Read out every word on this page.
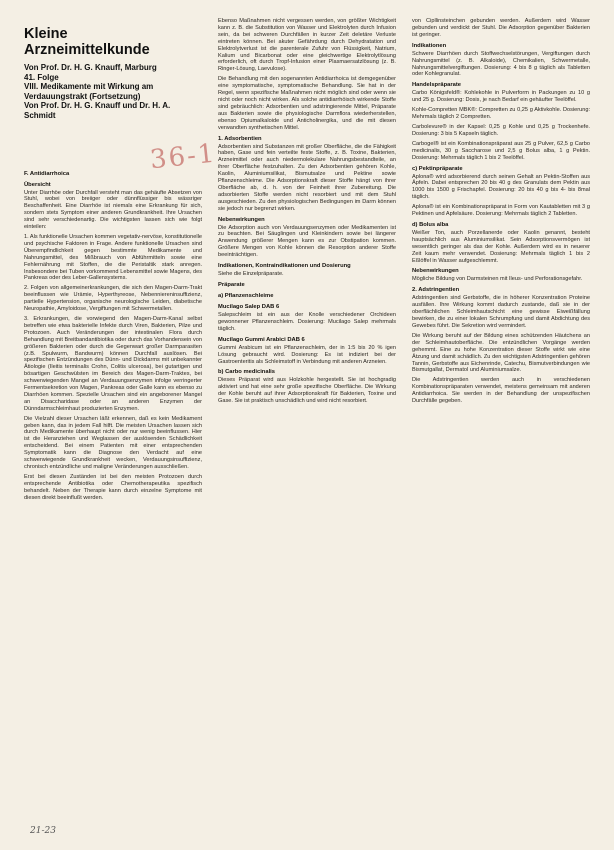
Kleine
Arzneimittelkunde
Von Prof. Dr. H. G. Knauff, Marburg
41. Folge
VIII. Medikamente mit Wirkung am Verdauungstrakt (Fortsetzung)
Von Prof. Dr. H. G. Knauff und Dr. H. A. Schmidt
F. Antidiarrhoica
Übersicht

Unter Diarrhöe oder Durchfall versteht man das gehäufte Absetzen von Stuhl, wobei von breiiger oder dünnflüssiger bis wässriger Beschaffenheit. Eine Diarrhöe ist niemals eine Erkrankung für sich, sondern stets Symptom einer anderen Grundkrankheit. Ihre Ursachen sind sehr verschiedenartig. Die wichtigsten lassen sich wie folgt einteilen:

1. Als funktionelle Ursachen kommen vegetativ-nervöse, konstitutionelle und psychische Faktoren in Frage. Andere funktionelle Ursachen sind Überempfindlichkeit gegen bestimmte Medikamente und Nahrungsmittel, des Mißbrauch von Abführmitteln sowie eine Fehlernährung mit Stoffen, die die Peristaltik stark anregen. Insbesondere bei Tuben vorkommend Lebensmittel sowie Magens, des Pankreas oder des Leber-Gallensystems.

2. Folgen von allgemeinerkrankungen, die sich den Magen-Darm-Trakt beeinflussen wie Urämie, Hyperthyreose, Nebenniereninsuffizienz, partielle Hypertension, organische neurologische Leiden, diabetische Neuropathie, Amyloidose, Vergiftungen mit Schwermetallen.

3. Erkrankungen, die vorwiegend den Magen-Darm-Kanal selbst betreffen wie etwa bakterielle Infekte durch Viren, Bakterien, Pilze und Protozoen. Auch Veränderungen der intestinalen Flora durch Behandlung mit Breitbandantibiotika oder durch das Vorhandensein von größeren Bakterien oder durch die Gegenwart großer Darmparasiten (z.B. Spulwurm, Bandwurm) können Durchfall auslösen. Bei spezifischen Entzündungen des Dünn- und Dickdarms mit unbekannter Ätiologie (Ileitis terminalis Crohn, Colitis ulcerosa), bei gutartigen und bösartigen Geschwülsten im Bereich des Magen-Darm-Traktes, bei schwerwiegenden Mangel an Verdauungsenzymen infolge verringerter Fermentsekretion von Magen, Pankreas oder Galle kann es ebenso zu Diarrhöen kommen. Spezielle Ursachen sind ein angeborener Mangel an Disaccharidase oder an anderen Enzymen der Dünndarmschleimhaut produzierten Enzymen.

Die Vielzahl dieser Ursachen läßt erkennen, daß es kein Medikament geben kann, das in jedem Fall hilft. Die meisten Ursachen lassen sich durch Medikamente überhaupt nicht oder nur wenig beeinflussen. Hier ist die Heranziehen und Weglassen der auslösenden Schädlichkeit entscheidend. Bei einem Patienten mit einer entsprechenden Symptomatik kann die Diagnose den Verdacht auf eine schwerwiegende Grundkrankheit wecken, Verdauungsinsuffizienz, chronisch entzündliche und maligne Veränderungen ausschließen.

Erst bei diesen Zuständen ist bei den meisten Protozoen durch entsprechende Antibiotika oder Chemotherapeutika spezifisch behandelt. Neben der Therapie kann durch einzelne Symptome mit diesen direkt beeinflußt werden.

Ebenso Maßnahmen nicht vergessen werden, von größter Wichtigkeit kann z. B. die Substitution von Wasser und Elektrolyten durch Infusion sein, da bei schweren Durchfällen in kurzer Zeit deletäre Verluste eintreten können. Bei akuter Gefährdung durch Dehydratation und Elektrolytverlust ist die parenterale Zufuhr von Flüssigkeit, Natrium, Kalium und Bicarbonat oder eine gleichwertige Elektrolytlösung erforderlich, oft durch Tropf-Infusion einer Plasmaersatzlösung (z. B. Ringer-Lösung, Laevulose).

Die Behandlung mit den sogenannten Antidiarrhoica ist demgegenüber eine symptomatische, symptomatische Behandlung. Sie hat in der Regel, wenn spezifische Maßnahmen nicht möglich sind oder wenn sie nicht oder noch nicht wirken. Als solche antidiarrhöisch wirkende Stoffe sind gebräuchlich: Adsorbentien und adstringierende Mittel, Präparate aus Bakterien sowie die physiologische Darmflora wiederherstellen, ebenso Opiumalkaloide und Anticholinergika, und die mit diesen verwandten synthetischen Mittel.

1. Adsorbentien

Adsorbentien sind Substanzen mit großer Oberfläche, die die Fähigkeit haben, Gase und fein verteilte feste Stoffe, z. B. Toxine, Bakterien, Arzneimittel oder auch niedermolekulare Nahrungsbestandteile, an ihrer Oberfläche festzuhalten. Zu den Adsorbentien gehören Kohle, Kaolin, Aluminiumsilikat, Bismutsalze und Pektine sowie Pflanzenschleime. Die Adsorptionskraft dieser Stoffe hängt von ihrer Oberfläche ab, d. h. von der Feinheit ihrer Zubereitung. Die adsorbierten Stoffe werden nicht resorbiert und mit dem Stuhl ausgeschieden. Zu den physiologischen Bedingungen im Darm können sie jedoch nur begrenzt wirken.

Nebenwirkungen

Die Adsorption auch von Verdauungsenzymen oder Medikamenten ist zu beachten. Bei Säuglingen und Kleinkindern sowie bei längerer Anwendung größerer Mengen kann es zur Obstipation kommen. Größere Mengen von Kohle können die Resorption anderer Stoffe beeinträchtigen.

Indikationen, Kontraindikationen und Dosierung

Siehe die Einzelpräparate.

Präparate
a) Pflanzenschleime
Mucilago Salep DAB 6

Salepschleim ist ein aus der Knolle verschiedener Orchideen gewonnener Pflanzenschleim. Dosierung: Mucilago Salep mehrmals täglich.

Mucilago Gummi Arabici DAB 6

Gummi Arabicum ist ein Pflanzenschleim, der in 1:5 bis 20 % igen Lösung gebraucht wird. Dosierung: Es ist indiziert bei der Gastroenteritis als Schleimstoff in Verbindung mit anderen Arzneien.

b) Carbo medicinalis

Dieses Präparat wird aus Holzkohle hergestellt. Sie ist hochgradig aktiviert und hat eine sehr große spezifische Oberfläche. Die Wirkung der Kohle beruht auf ihrer Adsorptionskraft für Bakterien, Toxine und Gase. Sie ist praktisch unschädlich und wird nicht resorbiert.

von Cipllinsteinchen gebunden werden. Außerdem wird Wasser gebunden und verdickt der Stuhl. Die Adsorption gegenüber Bakterien ist geringer.

Indikationen

Schwere Diarrhöen durch Stoffwechselstörungen, Vergiftungen durch Nahrungsmittel (z. B. Alkaloide), Chemikalien, Schwermetalle, Nahrungsmittelvergiftungen. Dosierung: 4 bis 8 g täglich als Tabletten oder Kohlegranulat.

Handelspräparate

Carbo Königsfeld®: Kohlekohle in Pulverform in Packungen zu 10 g und 25 g. Dosierung: Dosis, je nach Bedarf ein gehäufter Teelöffel.

Kohle-Compretten MBK®: Compretten zu 0,25 g Aktivkohle. Dosierung: Mehrmals täglich 2 Compretten.

Carbolevure® in der Kapsel: 0,25 g Kohle und 0,25 g Trockenhefe. Dosierung: 3 bis 5 Kapseln täglich.

Carbogel® ist ein Kombinationspräparat aus 25 g Pulver, 62,5 g Carbo medicinalis, 30 g Saccharose und 2,5 g Bolus alba, 1 g Pektin. Dosierung: Mehrmals täglich 1 bis 2 Teelöffel.

c) Pektinpräparate

Aplona® wird adsorbierend durch seinen Gehalt an Pektin-Stoffen aus Äpfeln. Dabei entsprechen 20 bis 40 g des Granulats dem Pektin aus 1000 bis 1500 g Frischapfel. Dosierung: 20 bis 40 g bis 4- bis 8mal täglich.

Aplona® ist ein Kombinationspräparat in Form von Kautabletten mit 3 g Pektinen und Apfelsäure. Dosierung: Mehrmals täglich 2 Tabletten.

d) Bolus alba

Weißer Ton, auch Porzellanerde oder Kaolin genannt, besteht hauptsächlich aus Aluminiumsilikat. Sein Adsorptionsvermögen ist wesentlich geringer als das der Kohle. Außerdem wird es in neuerer Zeit kaum mehr verwendet. Dosierung: Mehrmals täglich 1 bis 2 Eßlöffel in Wasser aufgeschlemmt.

Nebenwirkungen

Mögliche Bildung von Darmsteinen mit Ileus- und Perforationsgefahr.

2. Adstringentien

Adstringentien sind Gerbstoffe, die in höherer Konzentration Proteine ausfällen. Ihre Wirkung kommt dadurch zustande, daß sie in der oberflächlichen Schleimhautschicht eine gewisse Eiweißfällung bewirken, die zu einer lokalen Schrumpfung und damit Abdichtung des Gewebes führt. Die Sekretion wird vermindert.

Die Wirkung beruht auf der Bildung eines schützenden Häutchens an der Schleimhautoberfläche. Die entzündlichen Vorgänge werden gehemmt. Eine zu hohe Konzentration dieser Stoffe wirkt wie eine Ätzung und damit schädlich. Zu den wichtigsten Adstringentien gehören Tannin, Gerbstoffe aus Eichenrinde, Catechu, Bismutverbindungen wie Bismutgallat, Dermatol und Aluminiumsalze.

Die Adstringentien werden auch in verschiedenen Kombinationspräparaten verwendet, meistens gemeinsam mit anderen Antidiarrhoica. Sie werden in der Behandlung der unspezifischen Durchfälle gegeben.

36-1
21-23
